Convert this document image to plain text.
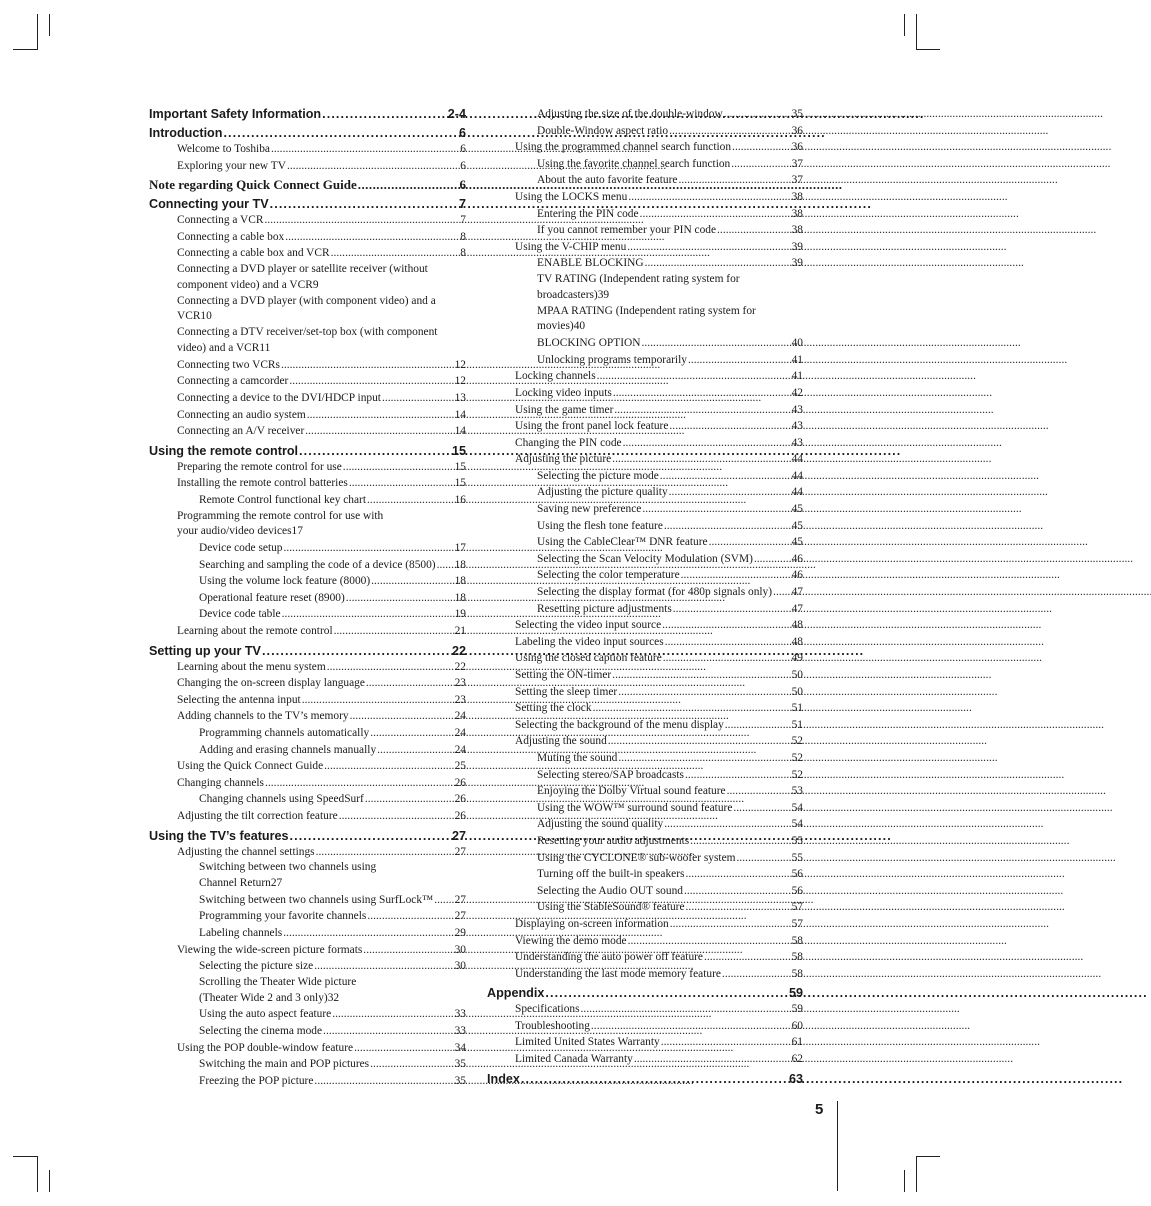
Important Safety Information . . .	2-4
Introduction . . .	6
Welcome to Toshiba . . .	6
Exploring your new TV . . .	6
Note regarding Quick Connect Guide . . .	6
Connecting your TV . . .	7
Connecting a VCR . . .	7
Connecting a cable box . . .	8
Connecting a cable box and VCR . . .	8
Connecting a DVD player or satellite receiver (without
component video) and a VCR 9
Connecting a DVD player (with component video) and a
VCR 10
Connecting a DTV receiver/set-top box (with component
video) and a VCR 11
Connecting two VCRs . . .	12
Connecting a camcorder . . .	12
Connecting a device to the DVI/HDCP input . . .	13
Connecting an audio system . . .	14
Connecting an A/V receiver . . .	14
Using the remote control . . .	15
Preparing the remote control for use . . .	15
Installing the remote control batteries . . .	15
Remote Control functional key chart . . .	16
Programming the remote control for use with
your audio/video devices 17
Device code setup . . .	17
Searching and sampling the code of a device (8500) . . . 18
Using the volume lock feature (8000) . . .	18
Operational feature reset (8900) . . .	18
Device code table . . .	19
Learning about the remote control . . .	21
Setting up your TV . . .	22
Learning about the menu system . . .	22
Changing the on-screen display language . . .	23
Selecting the antenna input . . .	23
Adding channels to the TV’s memory . . .	24
Programming channels automatically . . .	24
Adding and erasing channels manually . . .	24
Using the Quick Connect Guide . . .	25
Changing channels . . .	26
Changing channels using SpeedSurf . . .	26
Adjusting the tilt correction feature . . .	26
Using the TV’s features . . .	27
Adjusting the channel settings . . .	27
Switching between two channels using
Channel Return 27
Switching between two channels using SurfLock™ . . . 27
Programming your favorite channels . . .	27
Labeling channels . . .	29
Viewing the wide-screen picture formats . . .	30
Selecting the picture size . . .	30
Scrolling the Theater Wide picture
(Theater Wide 2 and 3 only) 32
Using the auto aspect feature . . .	33
Selecting the cinema mode . . .	33
Using the POP double-window feature . . .	34
Switching the main and POP pictures . . .	35
Freezing the POP picture . . .	35
Adjusting the size of the double-window . . .	35
Double-Window aspect ratio . . .	36
Using the programmed channel search function . . .	36
Using the favorite channel search function . . .	37
About the auto favorite feature . . .	37
Using the LOCKS menu . . .	38
Entering the PIN code . . .	38
If you cannot remember your PIN code . . .	38
Using the V-CHIP menu . . .	39
ENABLE BLOCKING . . .	39
TV RATING (Independent rating system for
broadcasters) 39
MPAA RATING (Independent rating system for
movies) 40
BLOCKING OPTION . . .	40
Unlocking programs temporarily . . .	41
Locking channels . . .	41
Locking video inputs . . .	42
Using the game timer . . .	43
Using the front panel lock feature . . .	43
Changing the PIN code . . .	43
Adjusting the picture . . .	44
Selecting the picture mode . . .	44
Adjusting the picture quality . . .	44
Saving new preference . . .	45
Using the flesh tone feature . . .	45
Using the CableClear™ DNR feature . . .	45
Selecting the Scan Velocity Modulation (SVM) . . .	46
Selecting the color temperature . . .	46
Selecting the display format (for 480p signals only) . . . 47
Resetting picture adjustments . . .	47
Selecting the video input source . . .	48
Labeling the video input sources . . .	48
Using the closed caption feature . . .	49
Setting the ON-timer . . .	50
Setting the sleep timer . . .	50
Setting the clock . . .	51
Selecting the background of the menu display . . .	51
Adjusting the sound . . .	52
Muting the sound . . .	52
Selecting stereo/SAP broadcasts . . .	52
Enjoying the Dolby Virtual sound feature . . .	53
Using the WOW™ surround sound feature . . .	54
Adjusting the sound quality . . .	54
Resetting your audio adjustments . . .	55
Using the CYCLONE® sub-woofer system . . .	55
Turning off the built-in speakers . . .	56
Selecting the Audio OUT sound . . .	56
Using the StableSound® feature . . .	57
Displaying on-screen information . . .	57
Viewing the demo mode . . .	58
Understanding the auto power off feature . . .	58
Understanding the last mode memory feature . . .	58
Appendix . . .	59
Specifications . . .	59
Troubleshooting . . .	60
Limited United States Warranty . . .	61
Limited Canada Warranty . . .	62
Index . . .	63
5
